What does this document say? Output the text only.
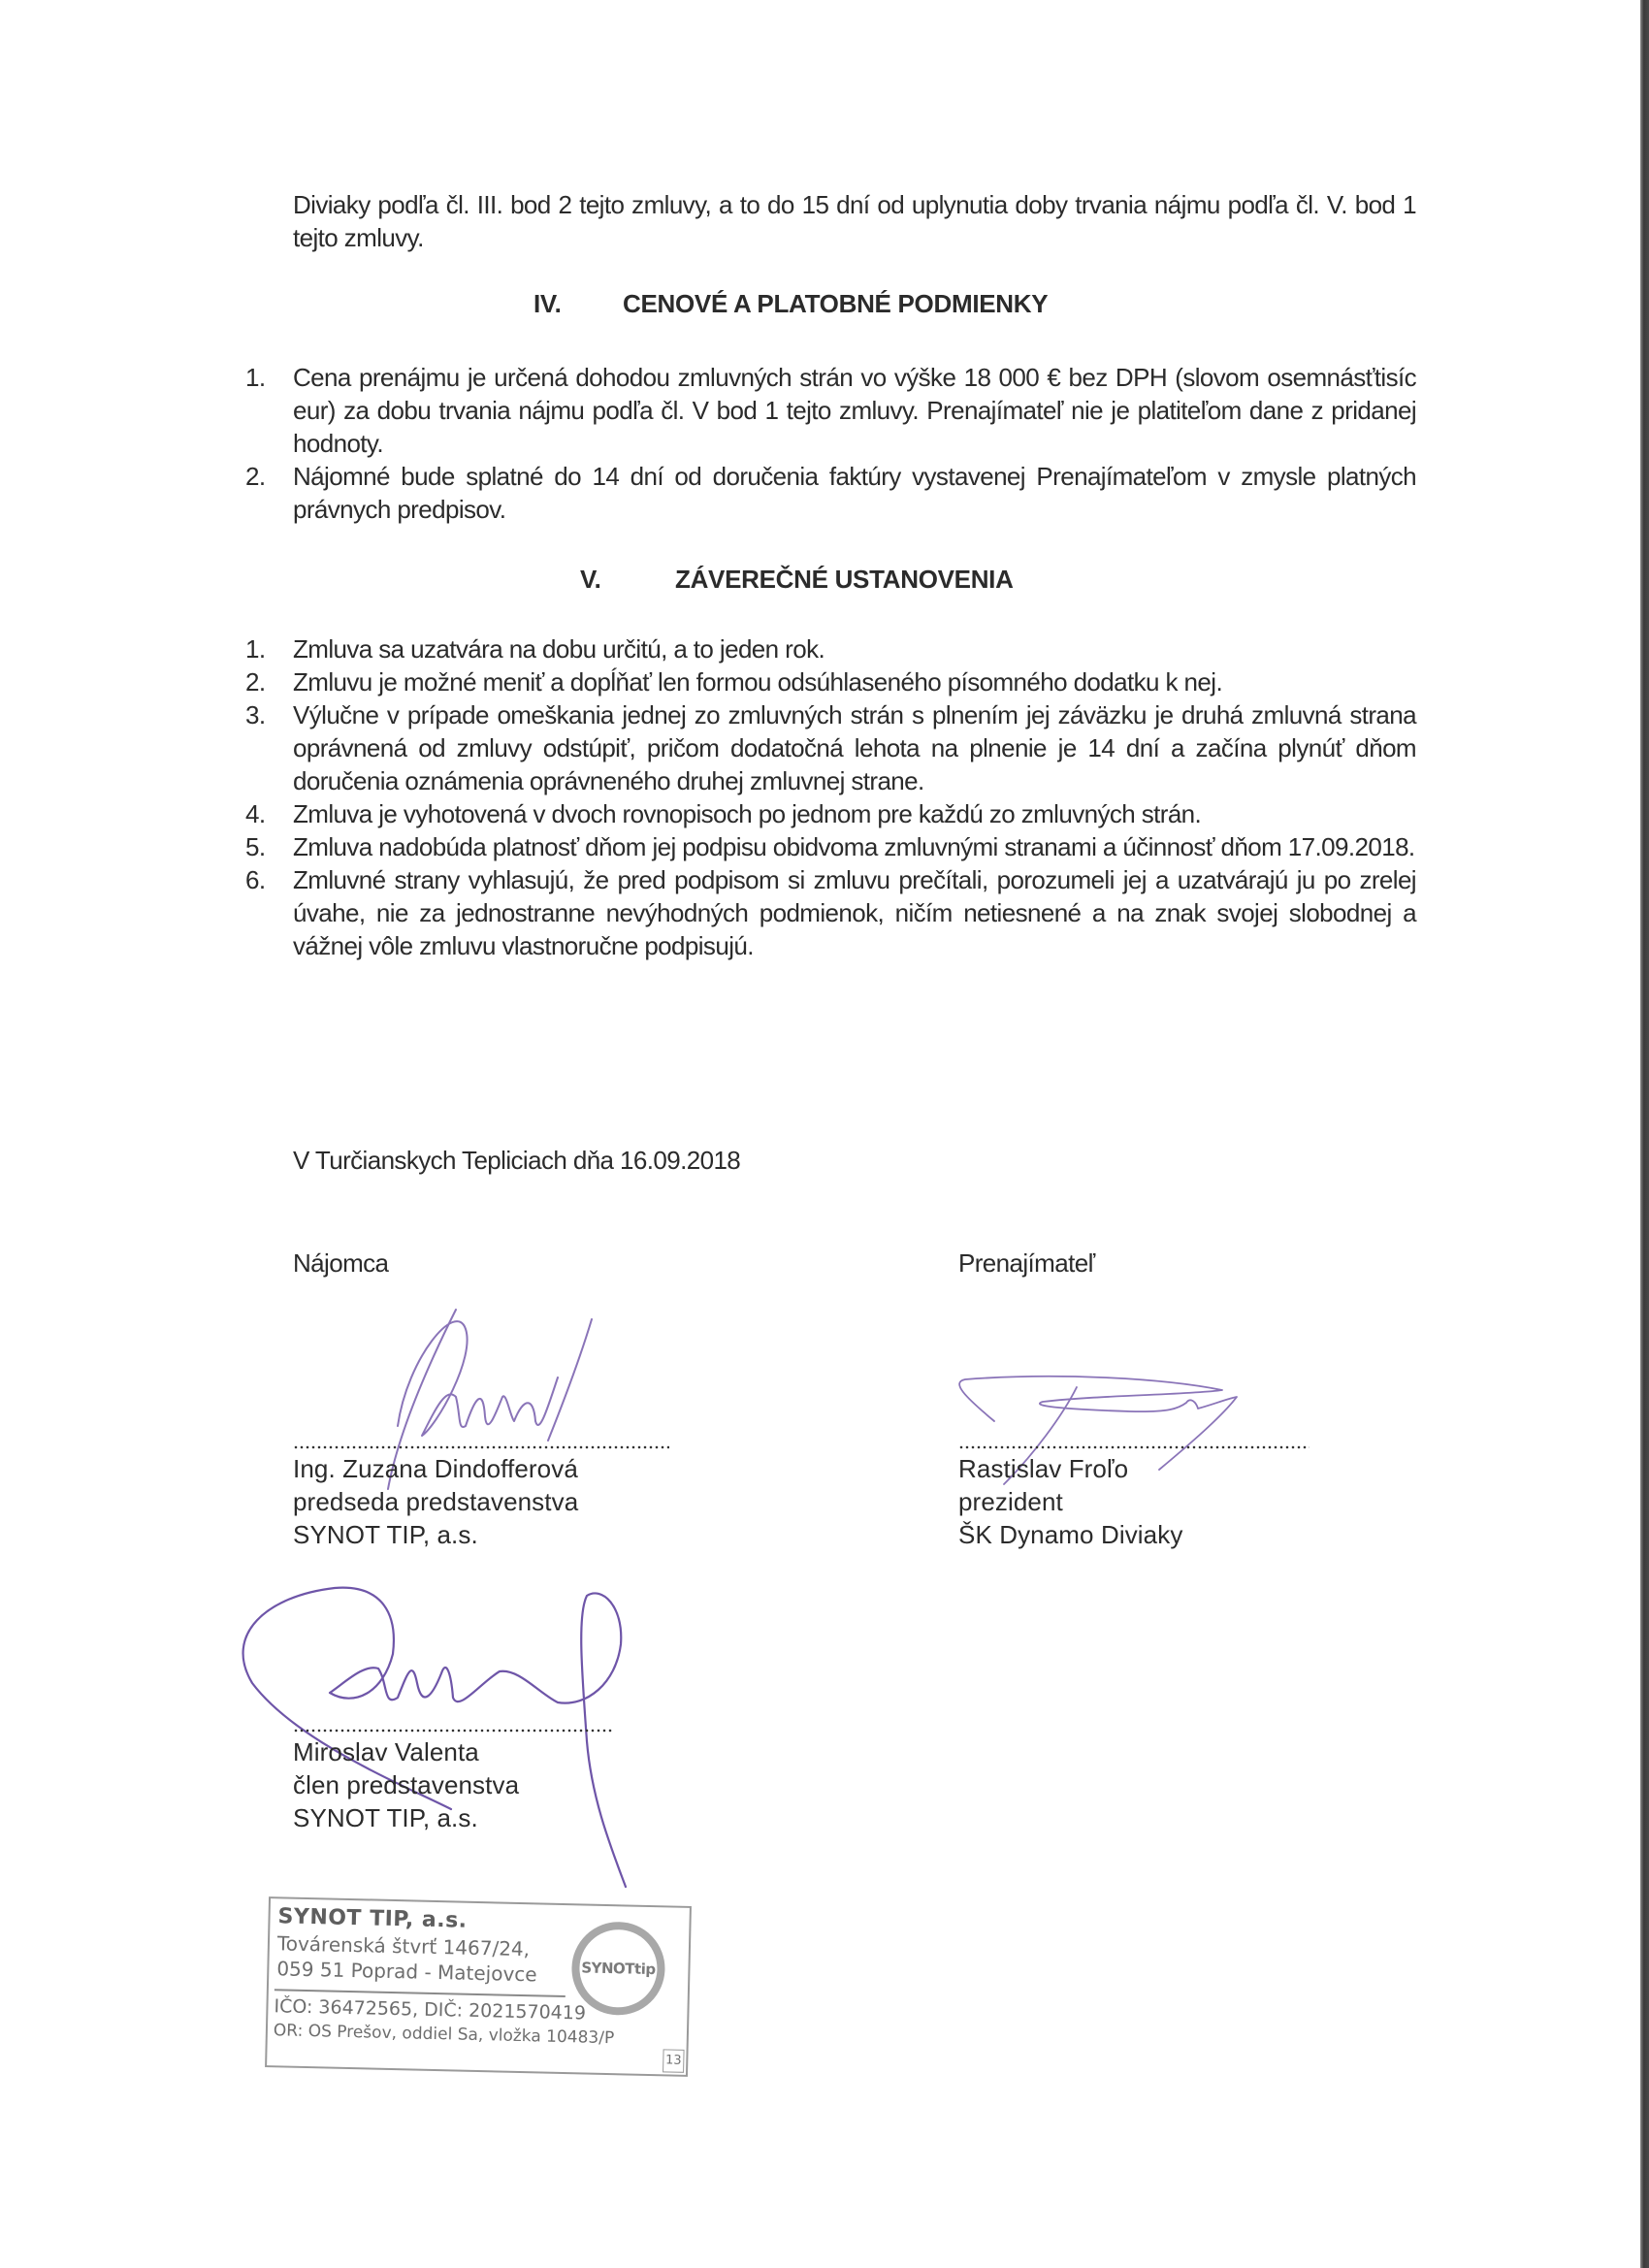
Diviaky podľa čl. III. bod 2 tejto zmluvy, a to do 15 dní od uplynutia doby trvania nájmu podľa čl. V. bod 1 tejto zmluvy.
IV. CENOVÉ A PLATOBNÉ PODMIENKY
1. Cena prenájmu je určená dohodou zmluvných strán vo výške 18 000 € bez DPH (slovom osemnásťtisíc eur) za dobu trvania nájmu podľa čl. V bod 1 tejto zmluvy. Prenajímateľ nie je platiteľom dane z pridanej hodnoty.
2. Nájomné bude splatné do 14 dní od doručenia faktúry vystavenej Prenajímateľom v zmysle platných právnych predpisov.
V.	ZÁVEREČNÉ USTANOVENIA
1. Zmluva sa uzatvára na dobu určitú, a to jeden rok.
2. Zmluvu je možné meniť a dopĺňať len formou odsúhlaseného písomného dodatku k nej.
3. Výlučne v prípade omeškania jednej zo zmluvných strán s plnením jej záväzku je druhá zmluvná strana oprávnená od zmluvy odstúpiť, pričom dodatočná lehota na plnenie je 14 dní a začína plynúť dňom doručenia oznámenia oprávneného druhej zmluvnej strane.
4. Zmluva je vyhotovená v dvoch rovnopisoch po jednom pre každú zo zmluvných strán.
5. Zmluva nadobúda platnosť dňom jej podpisu obidvoma zmluvnými stranami a účinnosť dňom 17.09.2018.
6. Zmluvné strany vyhlasujú, že pred podpisom si zmluvu prečítali, porozumeli jej a uzatvárajú ju po zrelej úvahe, nie za jednostranne nevýhodných podmienok, ničím netiesnené a na znak svojej slobodnej a vážnej vôle zmluvu vlastnoručne podpisujú.
V Turčianskych Tepliciach dňa 16.09.2018
Nájomca	Prenajímateľ
Ing. Zuzana Dindofferová
predseda predstavenstva
SYNOT TIP, a.s.
Rastislav Froľo
prezident
ŠK Dynamo Diviaky
Miroslav Valenta
člen predstavenstva
SYNOT TIP, a.s.
SYNOT TIP, a.s.
Továrenská štvrť 1467/24,
059 51 Poprad - Matejovce
IČO: 36472565, DIČ: 2021570419
OR: OS Prešov, oddiel Sa, vložka 10483/P
SYNOTtip
13
